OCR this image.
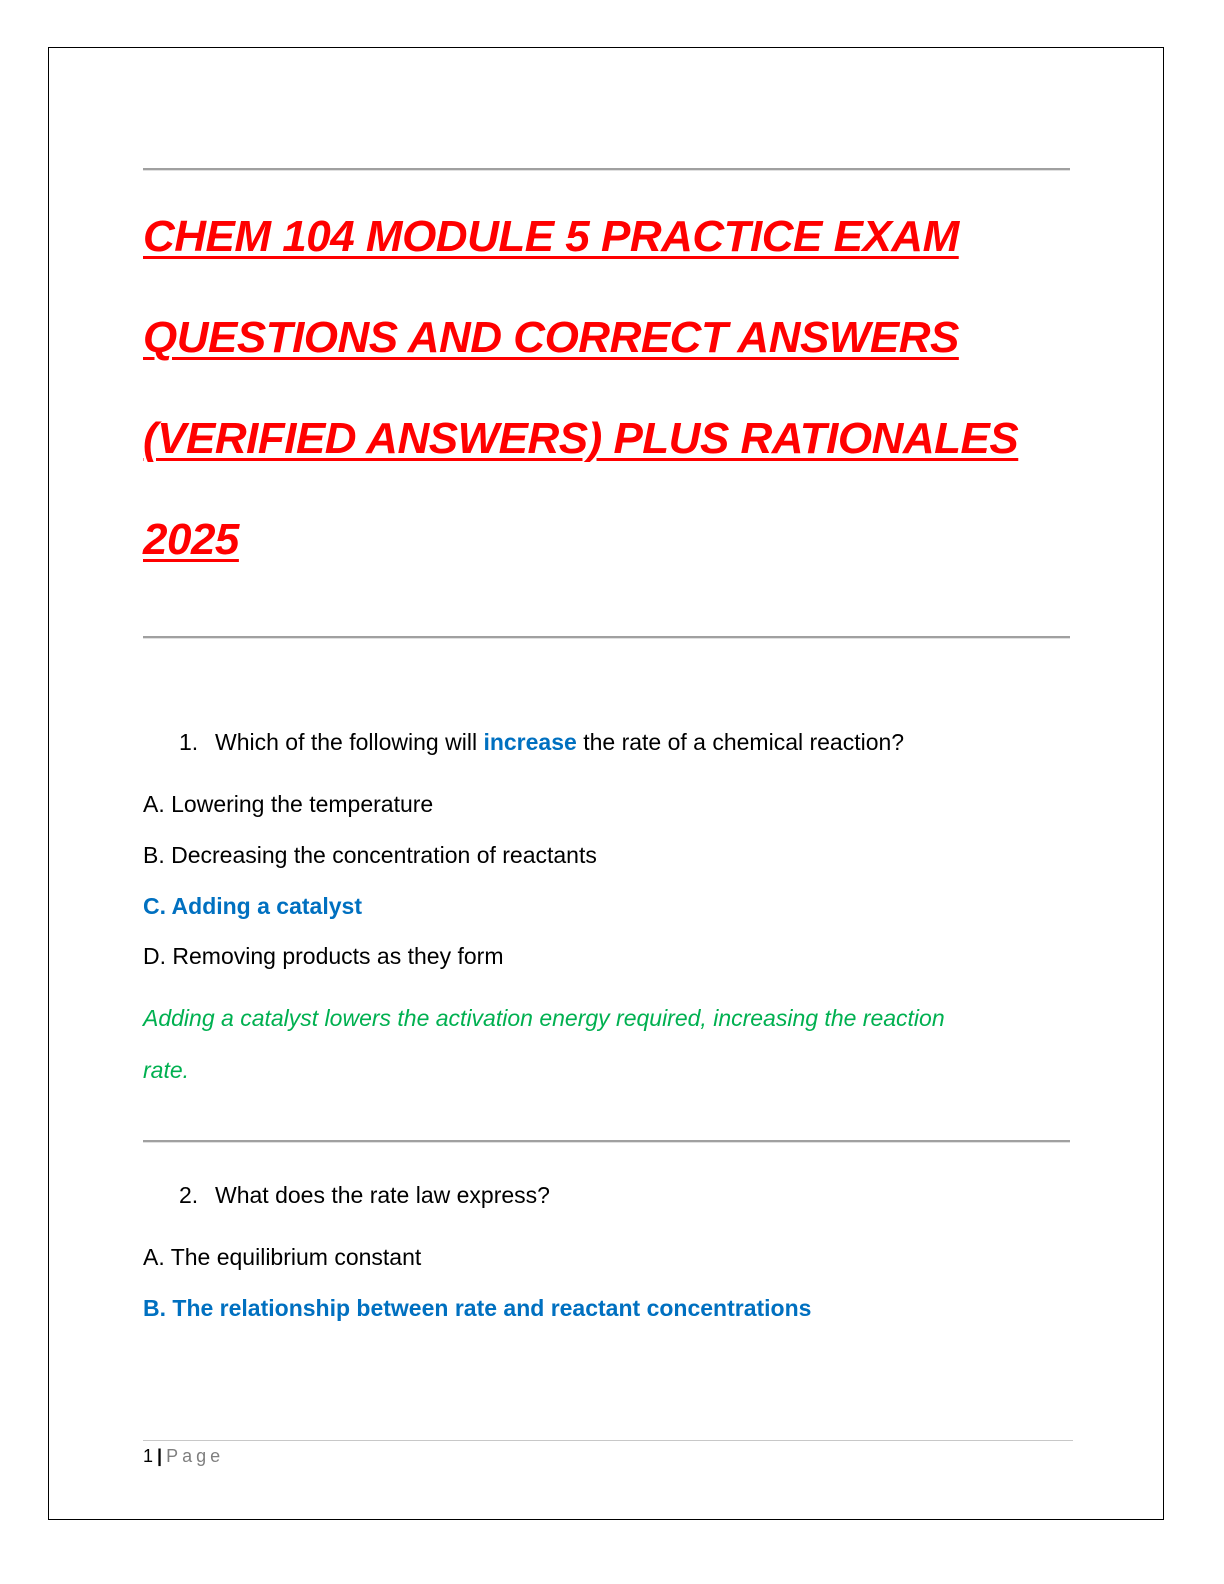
CHEM 104 MODULE 5 PRACTICE EXAM
QUESTIONS AND CORRECT ANSWERS
(VERIFIED ANSWERS) PLUS RATIONALES
2025

1. Which of the following will increase the rate of a chemical reaction?

A. Lowering the temperature

B. Decreasing the concentration of reactants

C. Adding a catalyst

D. Removing products as they form

Adding a catalyst lowers the activation energy required, increasing the reaction

rate.

2. What does the rate law express?

A. The equilibrium constant

B. The relationship between rate and reactant concentrations

1 | Page
